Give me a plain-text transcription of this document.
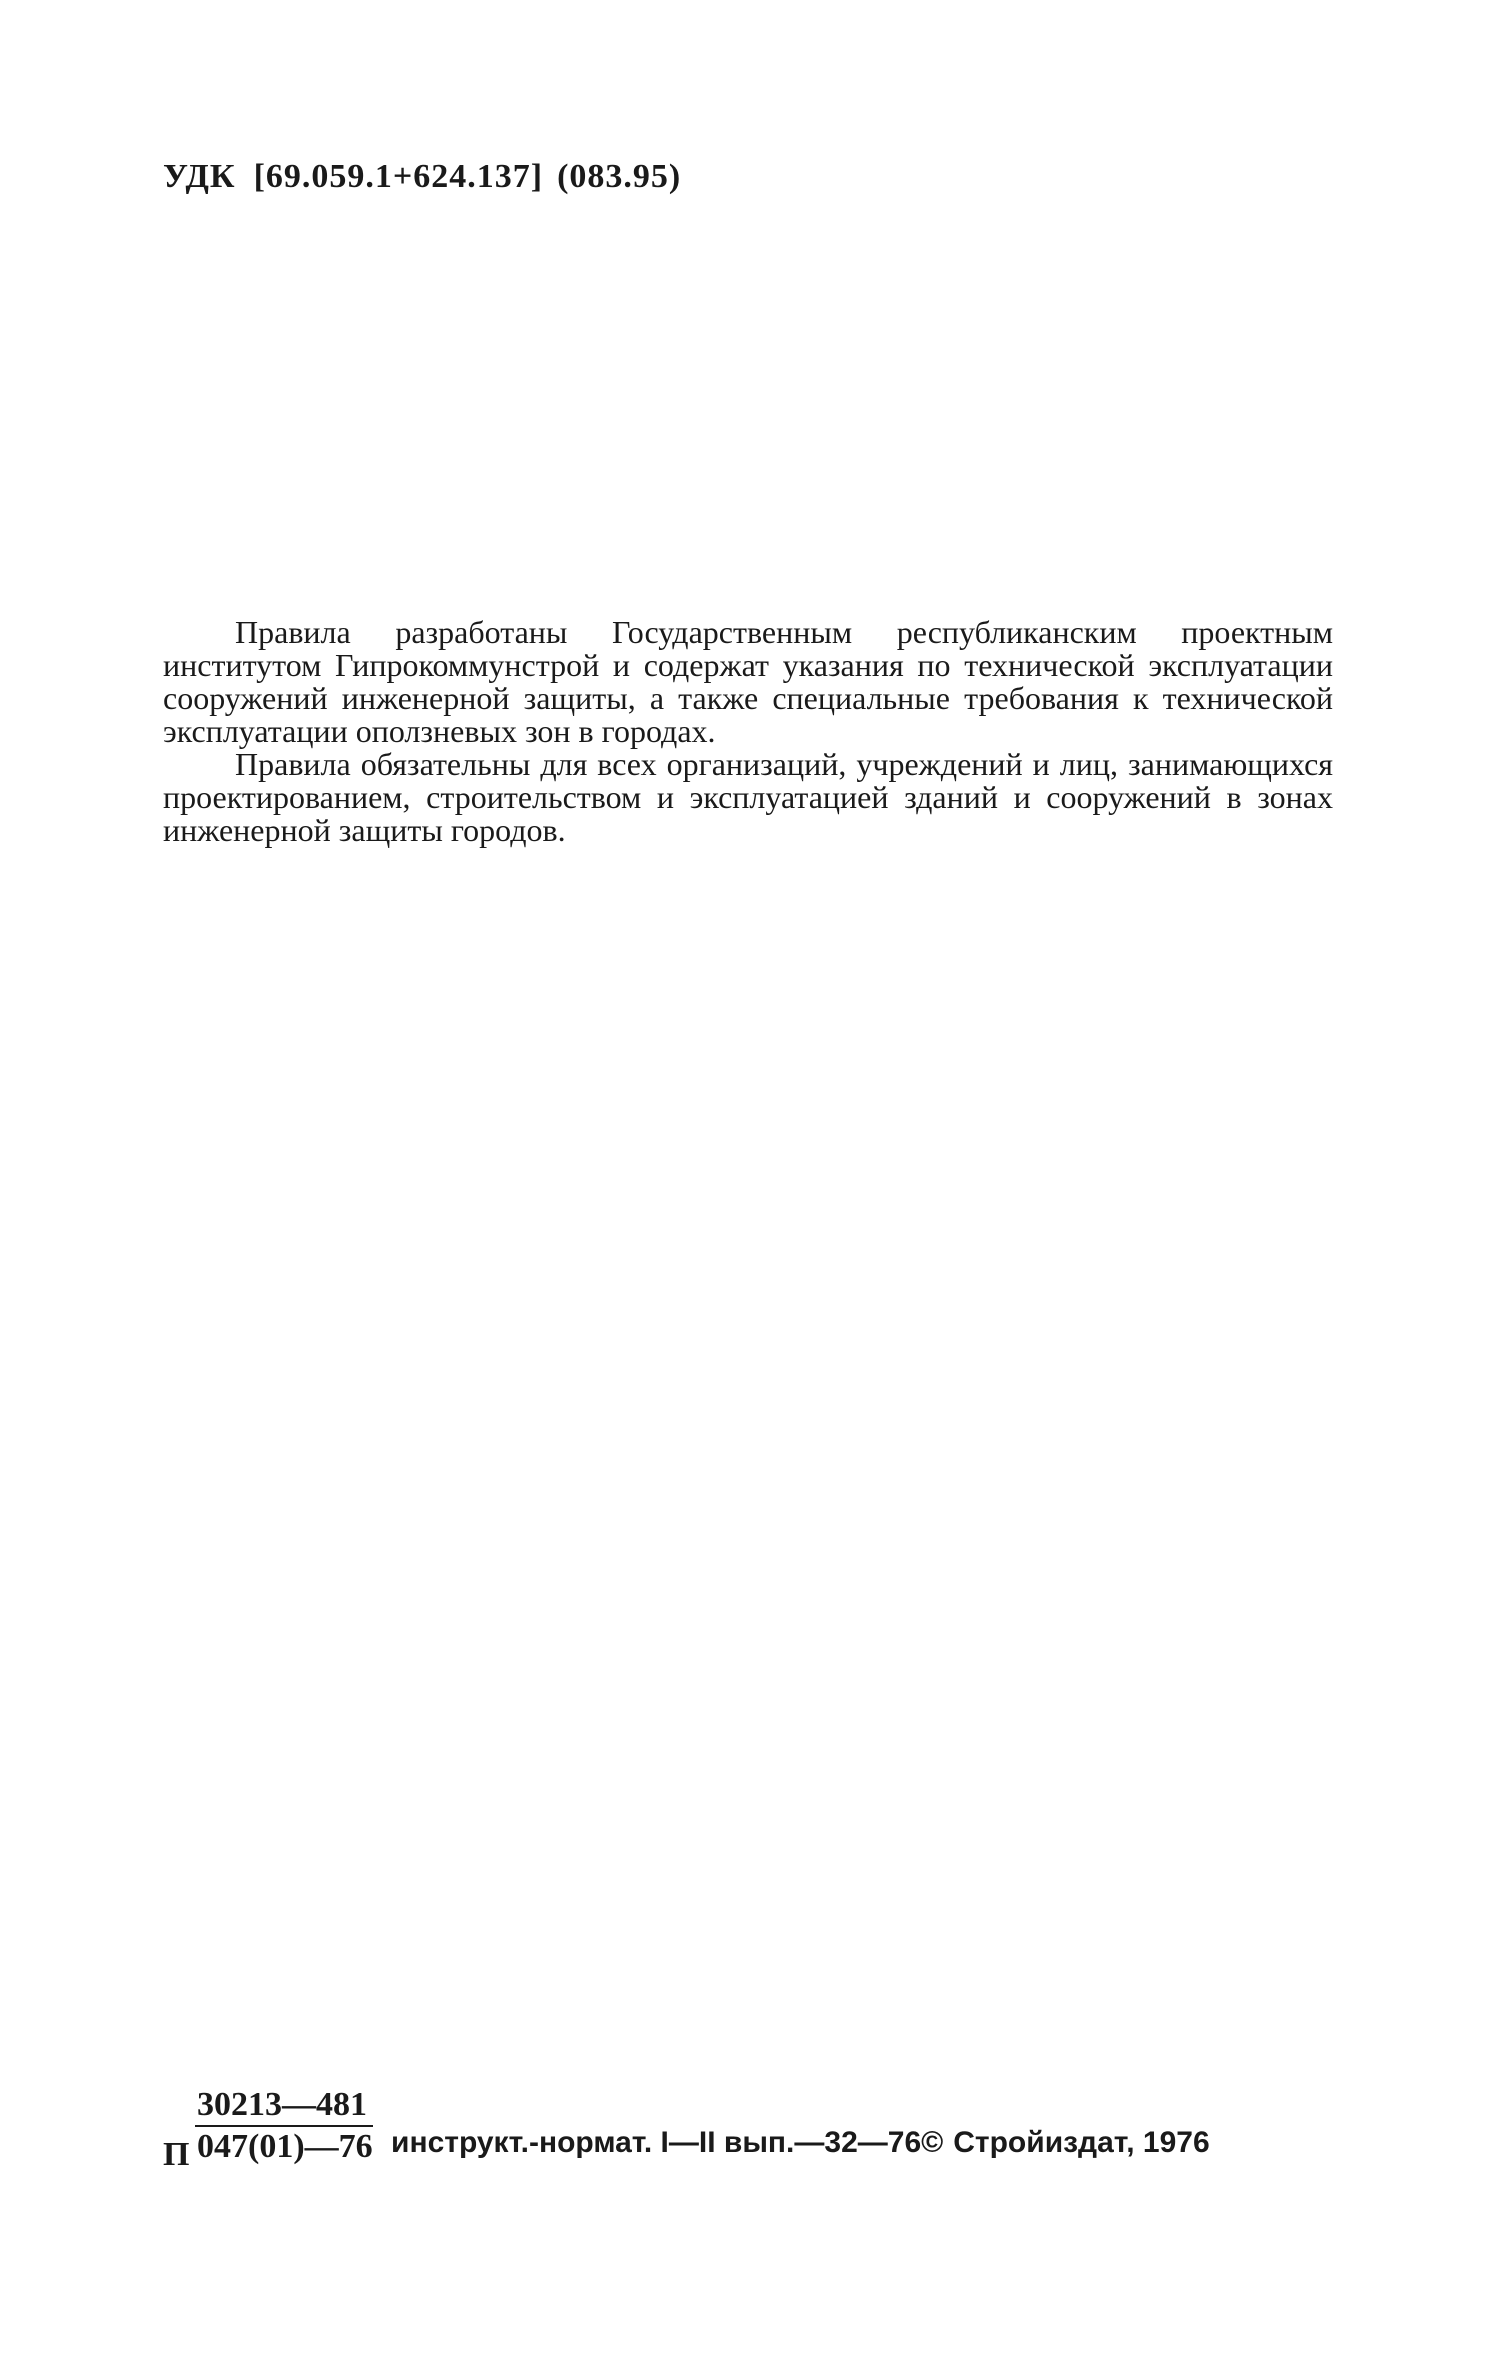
УДК [69.059.1+624.137] (083.95)

Правила разработаны Государственным республиканским проектным институтом Гипрокоммунстрой и содержат указания по технической эксплуатации сооружений инженерной защиты, а также специальные требования к технической эксплуатации оползневых зон в городах.

Правила обязательны для всех организаций, учреждений и лиц, занимающихся проектированием, строительством и эксплуатацией зданий и сооружений в зонах инженерной защиты городов.

П $\frac{30213—481}{047(01)—76}$ инструкт.-нормат. I—II вып.—32—76© Стройиздат, 1976
